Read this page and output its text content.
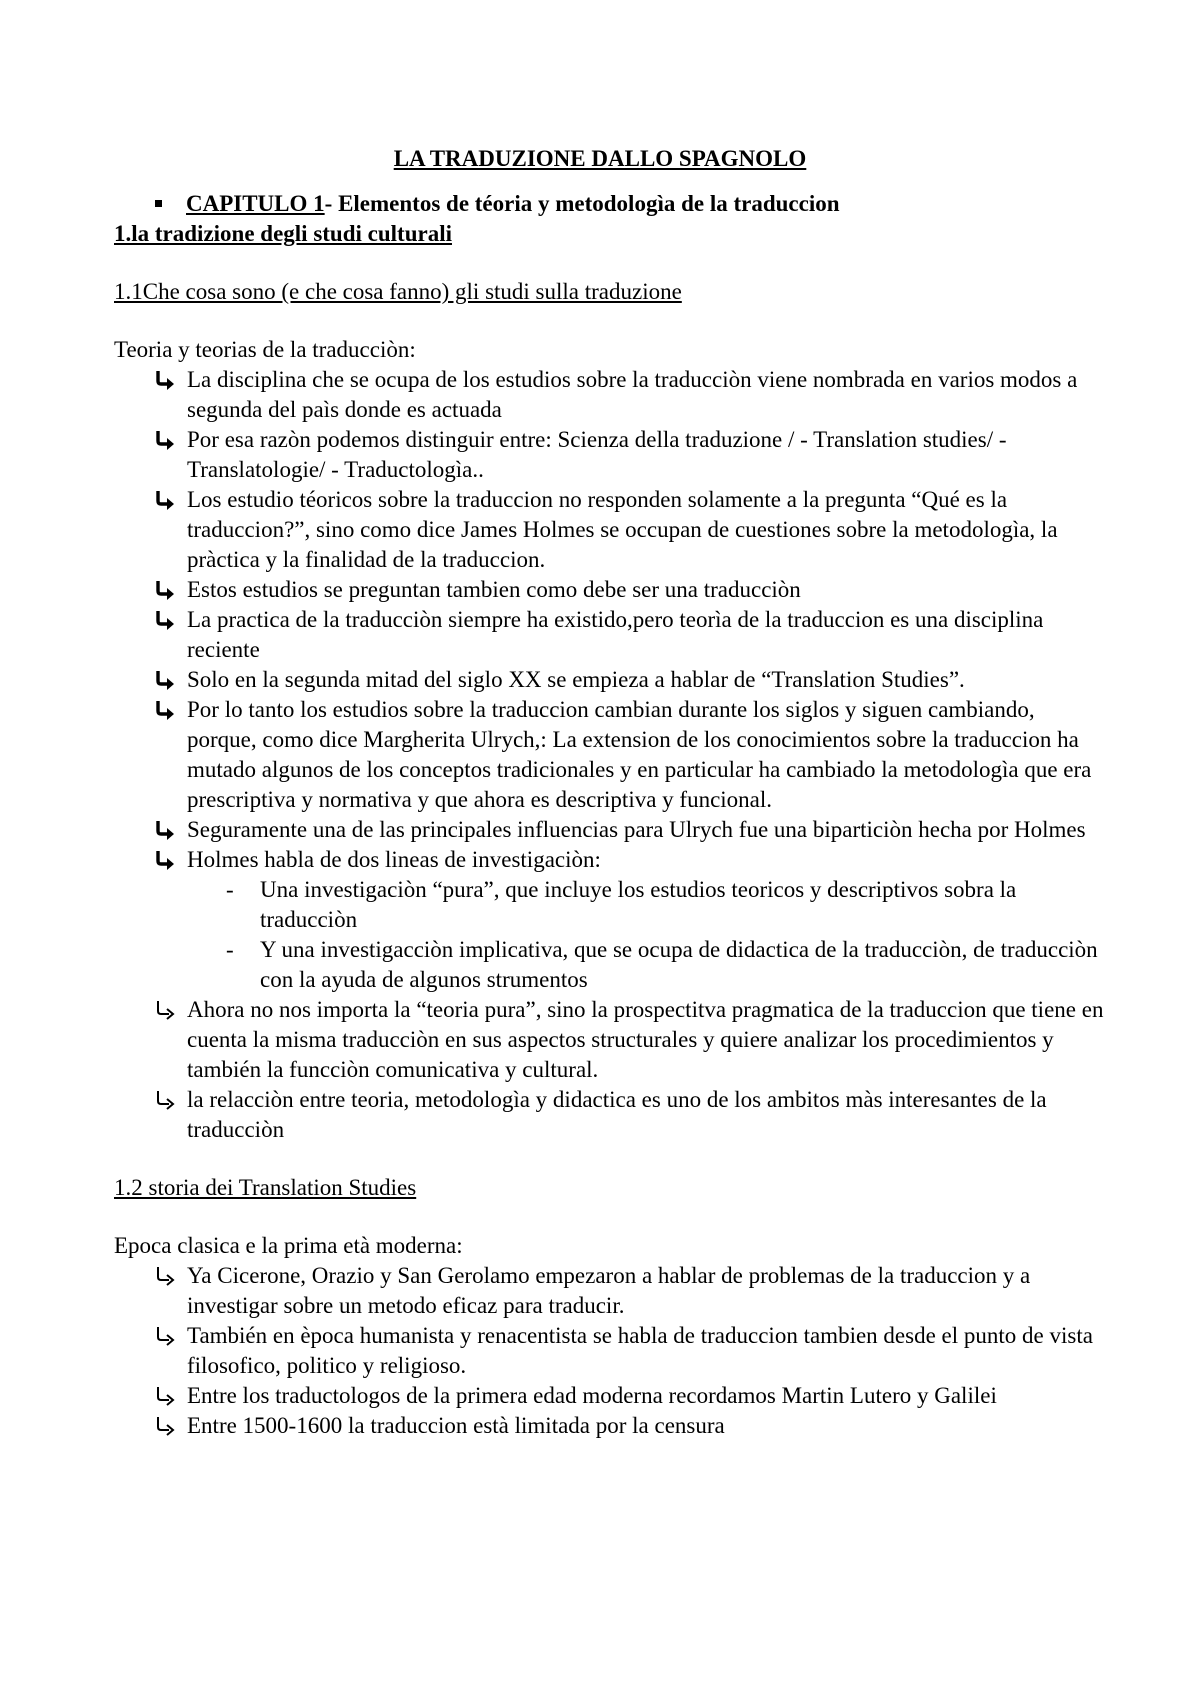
LA TRADUZIONE DALLO SPAGNOLO
CAPITULO 1- Elementos de téoria y metodologìa de la traduccion
1.la tradizione degli studi culturali
1.1Che cosa sono (e che cosa fanno) gli studi sulla traduzione
Teoria y teorias de la traducciòn:
La disciplina che se ocupa de los estudios sobre la traducciòn viene nombrada en varios modos a segunda del paìs donde es actuada
Por esa razòn podemos distinguir entre: Scienza della traduzione / - Translation studies/ - Translatologie/ - Traductologìa..
Los estudio téoricos sobre la traduccion no responden solamente a la pregunta “Qué es la traduccion?”, sino como dice James Holmes se occupan de cuestiones sobre la metodologìa, la pràctica y la finalidad de la traduccion.
Estos estudios se preguntan tambien como debe ser una traducciòn
La practica de la traducciòn siempre ha existido,pero teorìa de la traduccion es una disciplina reciente
Solo en la segunda mitad del siglo XX se empieza a hablar de “Translation Studies”.
Por lo tanto los estudios sobre la traduccion cambian durante los siglos y siguen cambiando, porque, como dice Margherita Ulrych,: La extension de los conocimientos sobre la traduccion ha mutado algunos de los conceptos tradicionales y en particular ha cambiado la metodologìa que era prescriptiva y normativa y que ahora es descriptiva y funcional.
Seguramente una de las principales influencias para Ulrych fue una biparticiòn hecha por Holmes
Holmes habla de dos lineas de investigaciòn:
- Una investigaciòn “pura”, que incluye los estudios teoricos y descriptivos sobra la traducciòn
- Y una investigacciòn implicativa, que se ocupa de didactica de la traducciòn, de traducciòn con la ayuda de algunos strumentos
Ahora no nos importa la “teoria pura”, sino la prospectitva pragmatica de la traduccion que tiene en cuenta la misma traducciòn en sus aspectos structurales y quiere analizar los procedimientos y también la funcciòn comunicativa y cultural.
la relacciòn entre teoria, metodologìa y didactica es uno de los ambitos màs interesantes de la traducciòn
1.2 storia dei Translation Studies
Epoca clasica e la prima età moderna:
Ya Cicerone, Orazio y San Gerolamo empezaron a hablar de problemas de la traduccion y a investigar sobre un metodo eficaz para traducir.
También en època humanista y renacentista se habla de traduccion tambien desde el punto de vista filosofico, politico y religioso.
Entre los traductologos de la primera edad moderna recordamos Martin Lutero y Galilei
Entre 1500-1600 la traduccion està limitada por la censura
